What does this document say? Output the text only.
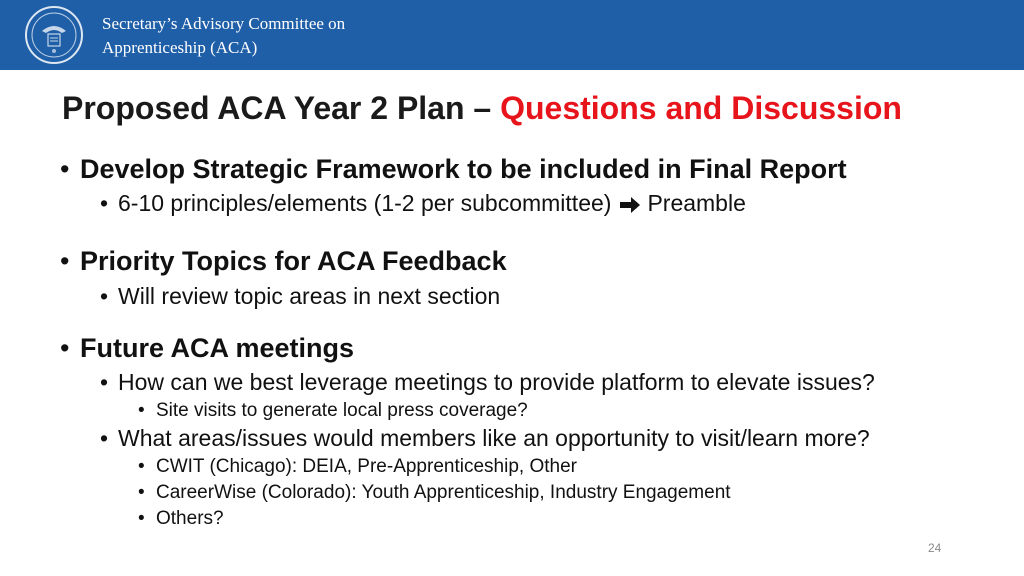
Secretary’s Advisory Committee on
Apprenticeship (ACA)
Proposed ACA Year 2 Plan – Questions and Discussion
• Develop Strategic Framework to be included in Final Report
• 6-10 principles/elements (1-2 per subcommittee) Preamble
• Priority Topics for ACA Feedback
• Will review topic areas in next section
• Future ACA meetings
• How can we best leverage meetings to provide platform to elevate issues?
• Site visits to generate local press coverage?
• What areas/issues would members like an opportunity to visit/learn more?
• CWIT (Chicago): DEIA, Pre-Apprenticeship, Other
• CareerWise (Colorado): Youth Apprenticeship, Industry Engagement
• Others?
24
